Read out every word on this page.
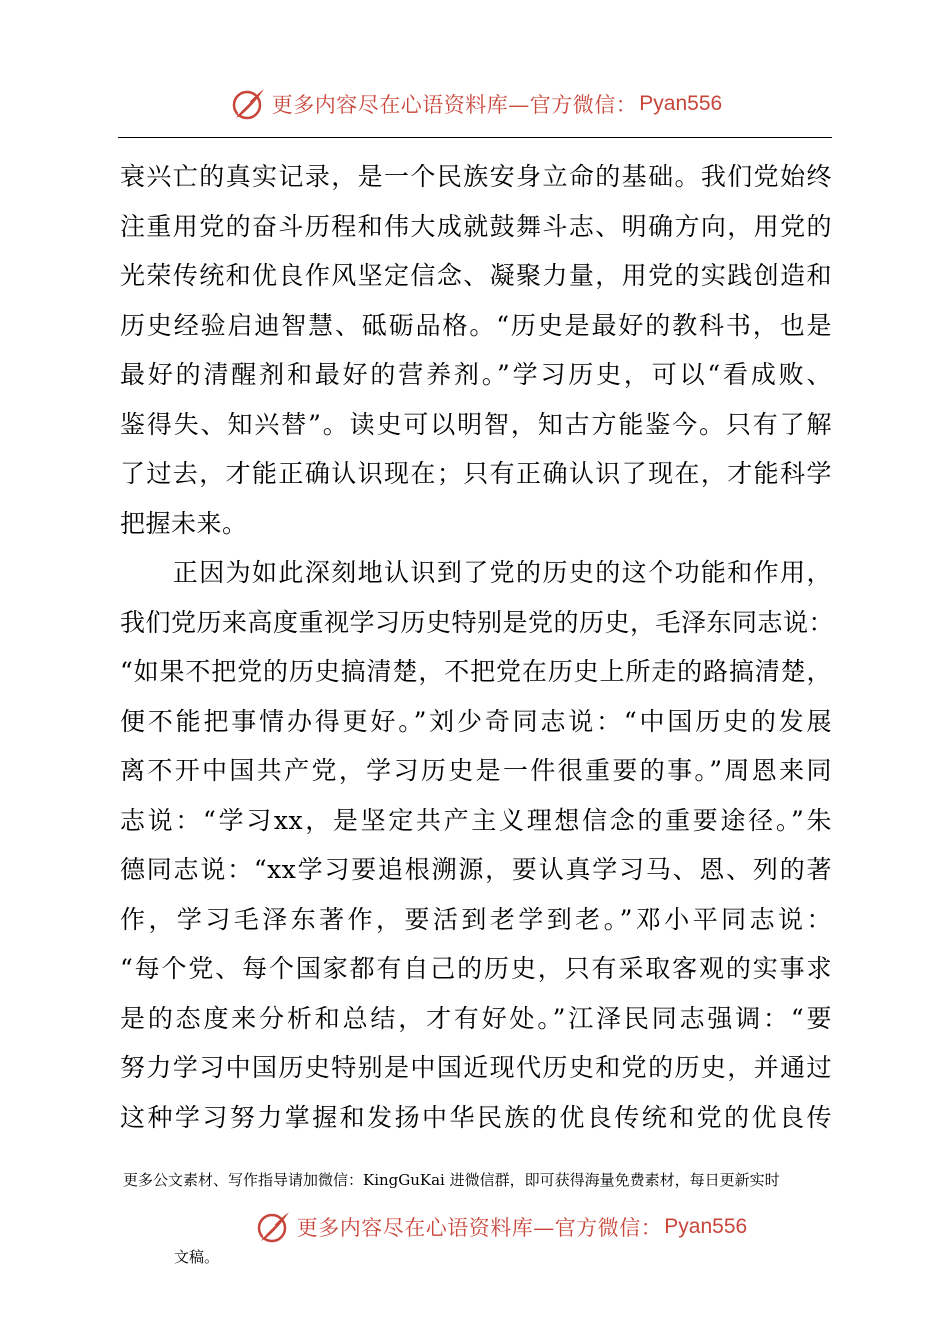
更多内容尽在心语资料库—官方微信： Pyan556
衰兴亡的真实记录，是一个民族安身立命的基础。我们党始终
注重用党的奋斗历程和伟大成就鼓舞斗志、明确方向，用党的
光荣传统和优良作风坚定信念、凝聚力量，用党的实践创造和
历史经验启迪智慧、砥砺品格。“历史是最好的教科书，也是
最好的清醒剂和最好的营养剂。”学习历史，可以“看成败、
鉴得失、知兴替”。读史可以明智，知古方能鉴今。只有了解
了过去，才能正确认识现在；只有正确认识了现在，才能科学
把握未来。
　　正因为如此深刻地认识到了党的历史的这个功能和作用，
我们党历来高度重视学习历史特别是党的历史，毛泽东同志说：
“如果不把党的历史搞清楚，不把党在历史上所走的路搞清楚，
便不能把事情办得更好。”刘少奇同志说：“中国历史的发展
离不开中国共产党，学习历史是一件很重要的事。”周恩来同
志说：“学习xx，是坚定共产主义理想信念的重要途径。”朱
德同志说：“xx学习要追根溯源，要认真学习马、恩、列的著
作，学习毛泽东著作，要活到老学到老。”邓小平同志说：
“每个党、每个国家都有自己的历史，只有采取客观的实事求
是的态度来分析和总结，才有好处。”江泽民同志强调：“要
努力学习中国历史特别是中国近现代历史和党的历史，并通过
这种学习努力掌握和发扬中华民族的优良传统和党的优良传
更多公文素材、写作指导请加微信：KingGuKai 进微信群，即可获得海量免费素材，每日更新实时
更多内容尽在心语资料库—官方微信： Pyan556
文稿。
